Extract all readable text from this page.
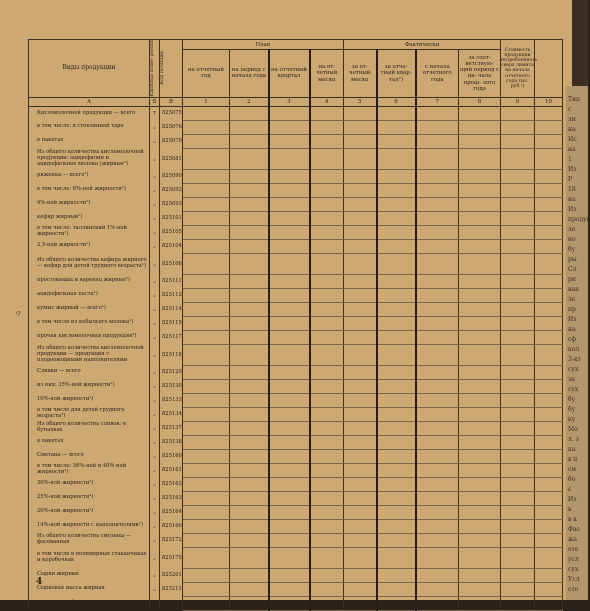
Тип
с
ли
на
Ис
на
1
Из
Р
18
на
Из
продук
ле
но
бу
ры
Сл
ри
нах
ле
пр
Из
на
сф
кол
3-кт
сух
за
сух
бу
бу
ку
Мо
л. з
ка
в п
см
бо
с
Из
в
в к
Фас
жа
ете
усл
сух
Усл
сто
Виды продукции	Единица изме- рения	Код позиции	План				Фактически				Стоимость продукции потребленного сверх лимита на начала отчетного года тыс. руб.¹)	
			на отчетный год	на период с начала года	на отчетный квартал	на от- четный месяц	за от- четный месяц	за отче- тный квар- тал²)	с начала отчетного года	за соот- ветствую- щий период с на- чала прош- лого года		
А	Б	В	1	2	3	4	5	6	7	8	9	10
Кисломолочной продукции — всего	т	825075										
в том числе: в стеклянной таре	„	825076										
в пакетах	„	825079										
Из общего количества кисломолочной продукции: ацидофилин и ацидофильное молоко (жирные¹)	„	825081										
ряженка — всего¹)	„	825090										
в том числе: 6%-ной жирности¹)	„	825092										
4%-ной жирности¹)	„	825093										
кефир жирный¹)	„	825101										
в том числе: таллинский 1%-ной жирности¹)	„	825105										
2,5-ной жирности¹)	„	825104										
Из общего количества кефира жирного — кефир для детей грудного возраста¹)	„	825106										
простокваша и варенец жирные¹)	„	825111										
ацидофильная паста¹)	„	825112										
кумыс жирный — всего¹)	„	825114										
в том числе из кобыльего молока¹)	„	825115										
прочая кисломолочная продукция¹)	„	825117										
Из общего количества кисломолочной продукции — продукция с плодоовощными наполнителями	„	825118										
Сливки — всего	„	825129										
из них: 35%-ной жирности¹)	„	825130										
10%-ной жирности¹)	„	825133										
в том числе для детей грудного возраста¹)	„	825134										
Из общего количества сливок: в бутылках	„	825137										
в пакетах	„	825138										
Сметана — всего	„	825160										
в том числе: 36%-ной и 40%-ной жирности¹)	„	825161										
30%-ной жирности¹)	„	825162										
25%-ной жирности¹)	„	825163										
20%-ной жирности¹)	„	825164										
14%-ной жирности с наполнителями¹)	„	825166										
Из общего количества сметаны — фасованная	„	825172										
в том числе в полимерных стаканчиках и коробочках	„	825175										
Сырки жирные	„	825201										
Сырковая масса жирная	„	825211										
в том числе фасованная	„	825222										
4
¹?
